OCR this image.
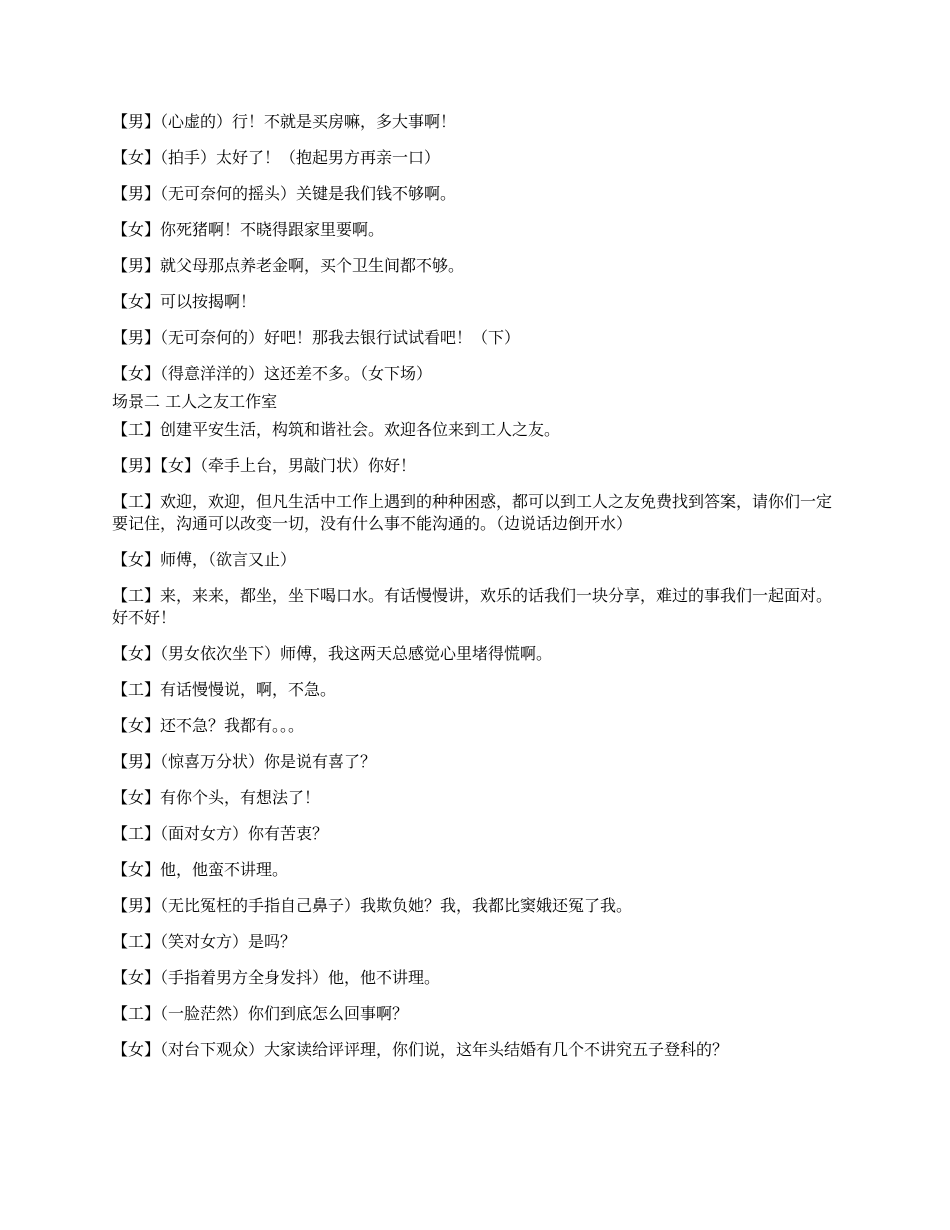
【男】（心虚的）行！不就是买房嘛，多大事啊！

【女】（拍手）太好了！（抱起男方再亲一口）

【男】（无可奈何的摇头）关键是我们钱不够啊。

【女】你死猪啊！不晓得跟家里要啊。

【男】就父母那点养老金啊，买个卫生间都不够。

【女】可以按揭啊！

【男】（无可奈何的）好吧！那我去银行试试看吧！（下）

【女】（得意洋洋的）这还差不多。（女下场）

场景二 工人之友工作室

【工】创建平安生活，构筑和谐社会。欢迎各位来到工人之友。

【男】【女】（牵手上台，男敲门状）你好！

【工】欢迎，欢迎，但凡生活中工作上遇到的种种困惑，都可以到工人之友免费找到答案，请你们一定要记住，沟通可以改变一切，没有什么事不能沟通的。（边说话边倒开水）

【女】师傅，（欲言又止）

【工】来，来来，都坐，坐下喝口水。有话慢慢讲，欢乐的话我们一块分享，难过的事我们一起面对。好不好！

【女】（男女依次坐下）师傅，我这两天总感觉心里堵得慌啊。

【工】有话慢慢说，啊，不急。

【女】还不急？我都有。。。

【男】（惊喜万分状）你是说有喜了？

【女】有你个头，有想法了！

【工】（面对女方）你有苦衷？

【女】他，他蛮不讲理。

【男】（无比冤枉的手指自己鼻子）我欺负她？我，我都比窦娥还冤了我。

【工】（笑对女方）是吗？

【女】（手指着男方全身发抖）他，他不讲理。

【工】（一脸茫然）你们到底怎么回事啊？

【女】（对台下观众）大家读给评评理，你们说，这年头结婚有几个不讲究五子登科的？
